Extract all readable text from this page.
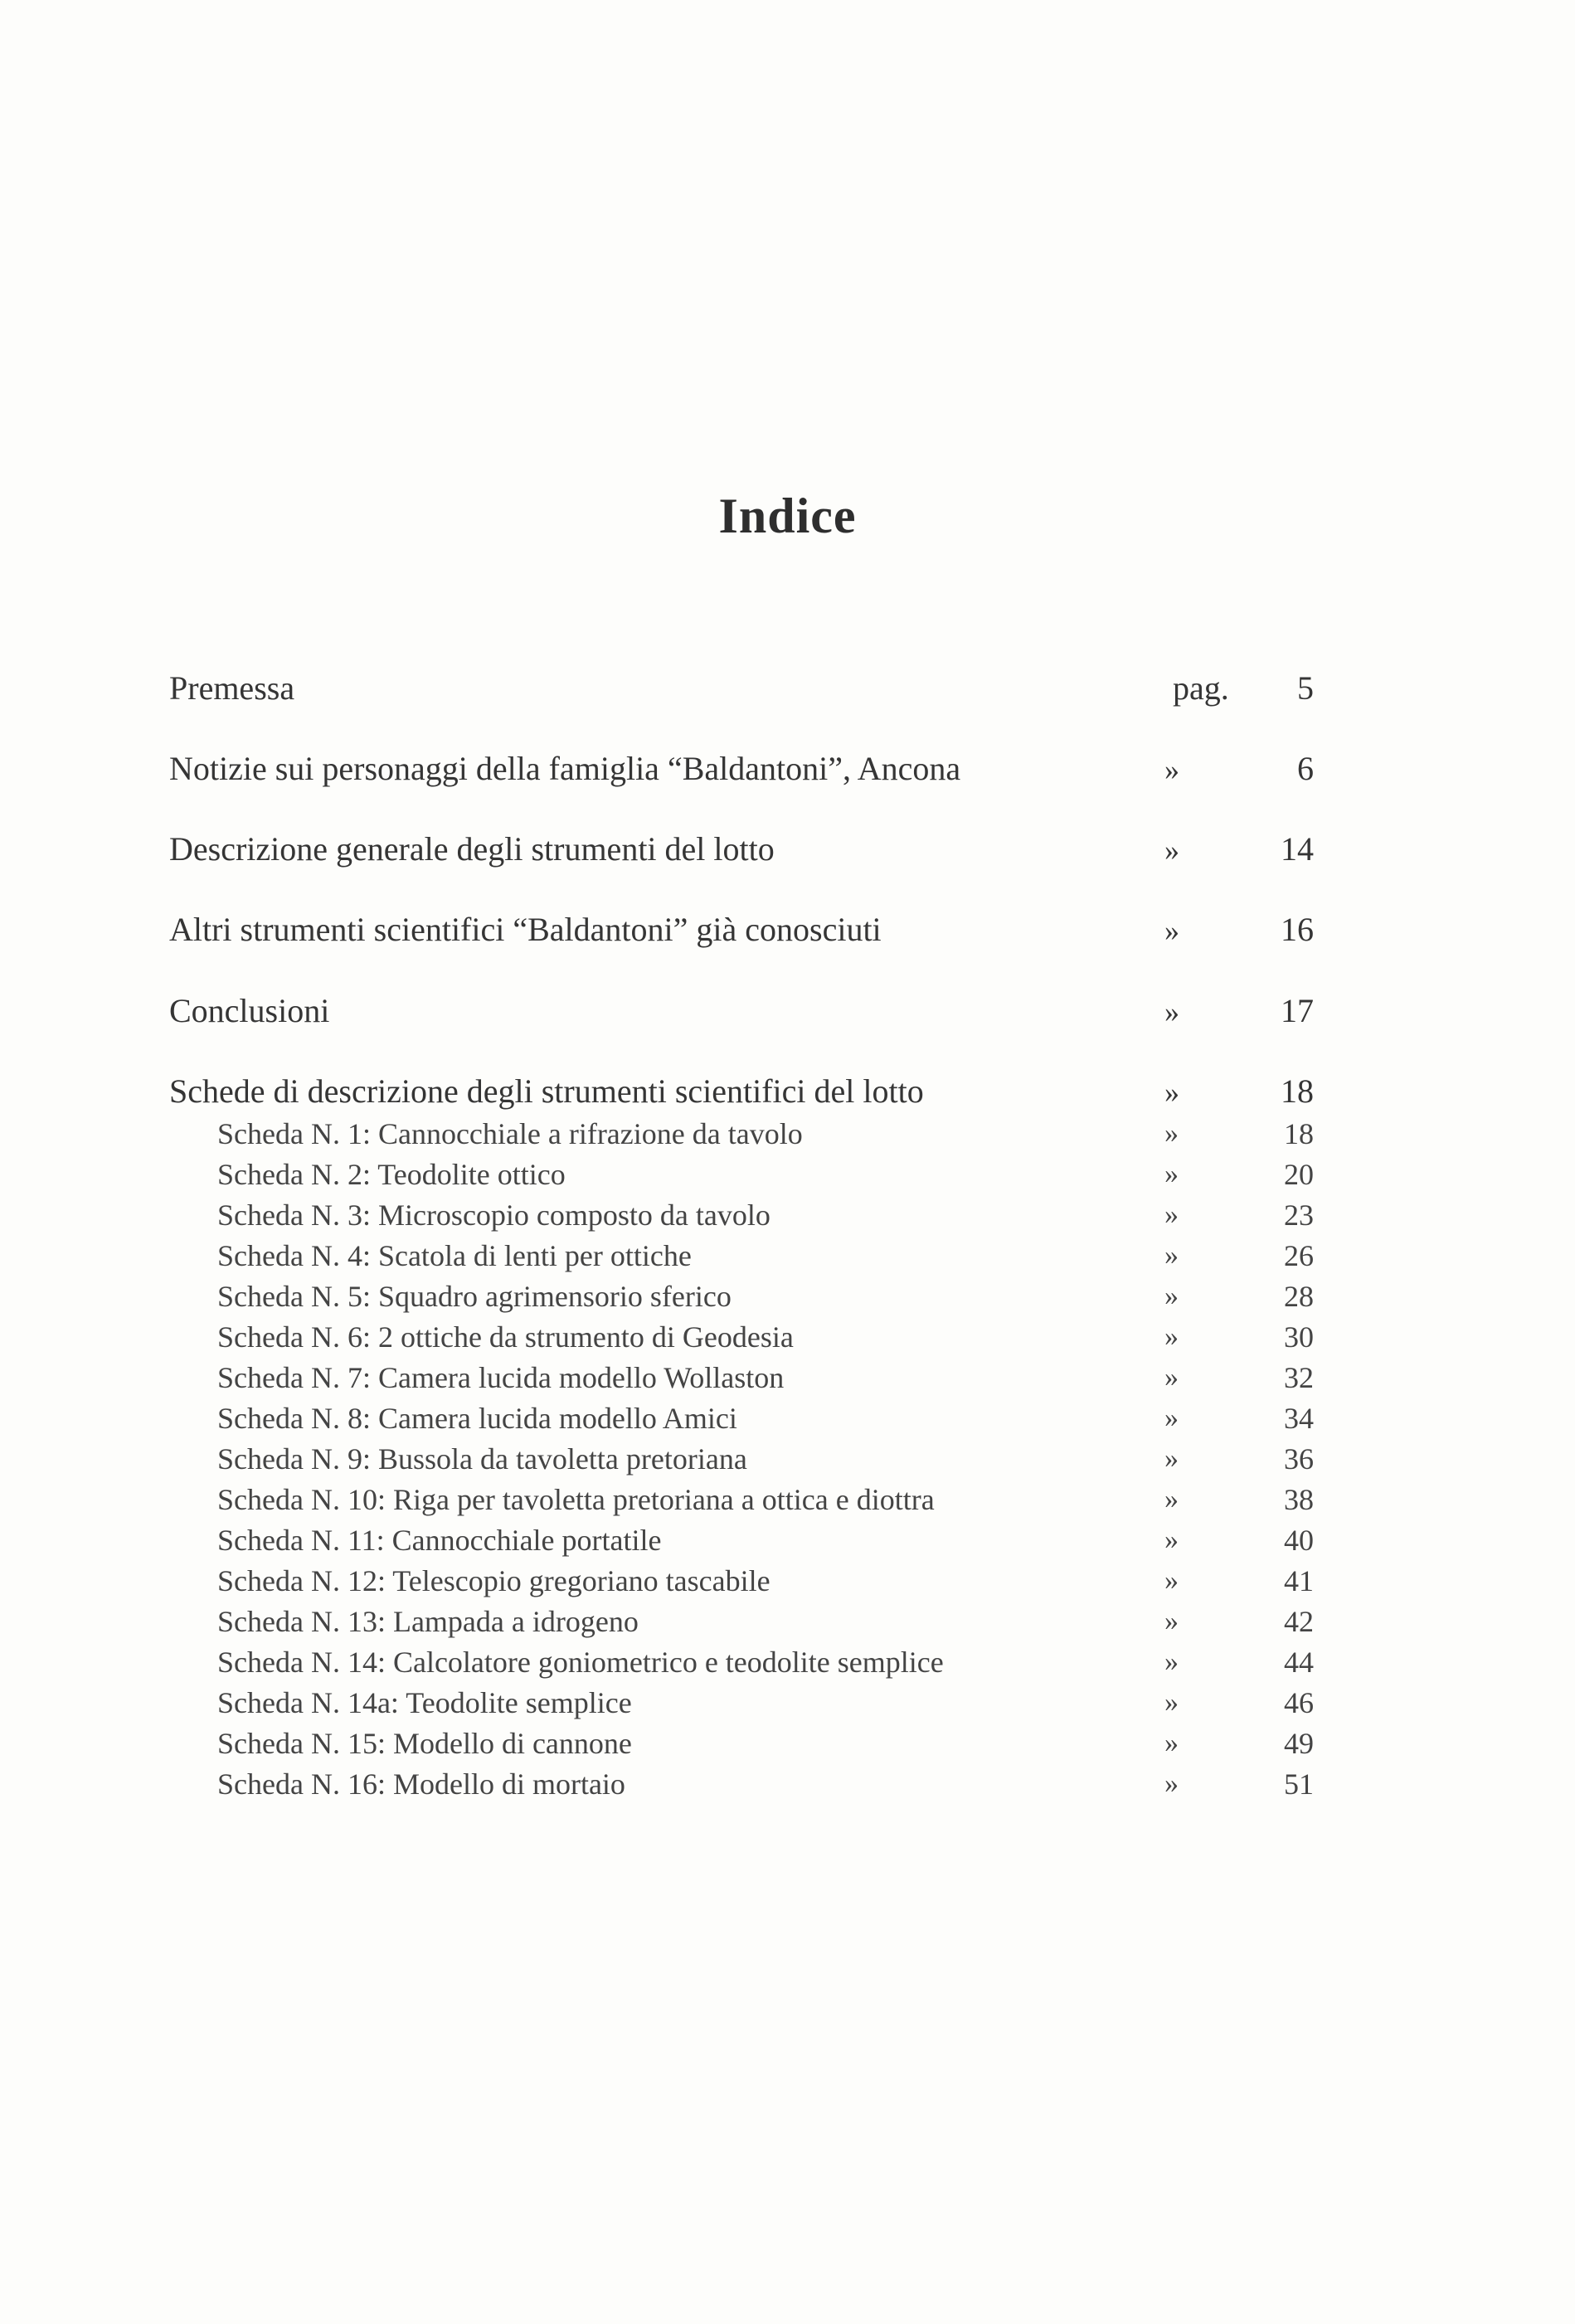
Indice
Premessa	pag. 5
Notizie sui personaggi della famiglia “Baldantoni”, Ancona	»	6
Descrizione generale degli strumenti del lotto	»	14
Altri strumenti scientifici “Baldantoni” già conosciuti	»	16
Conclusioni	»	17
Schede di descrizione degli strumenti scientifici del lotto	»	18
Scheda N. 1: Cannocchiale a rifrazione da tavolo	»	18
Scheda N. 2: Teodolite ottico	»	20
Scheda N. 3: Microscopio composto da tavolo	»	23
Scheda N. 4: Scatola di lenti per ottiche	»	26
Scheda N. 5: Squadro agrimensorio sferico	»	28
Scheda N. 6: 2 ottiche da strumento di Geodesia	»	30
Scheda N. 7: Camera lucida modello Wollaston	»	32
Scheda N. 8: Camera lucida modello Amici	»	34
Scheda N. 9: Bussola da tavoletta pretoriana	»	36
Scheda N. 10: Riga per tavoletta pretoriana a ottica e diottra	»	38
Scheda N. 11: Cannocchiale portatile	»	40
Scheda N. 12: Telescopio gregoriano tascabile	»	41
Scheda N. 13: Lampada a idrogeno	»	42
Scheda N. 14: Calcolatore goniometrico e teodolite semplice	»	44
Scheda N. 14a: Teodolite semplice	»	46
Scheda N. 15: Modello di cannone	»	49
Scheda N. 16: Modello di mortaio	»	51
